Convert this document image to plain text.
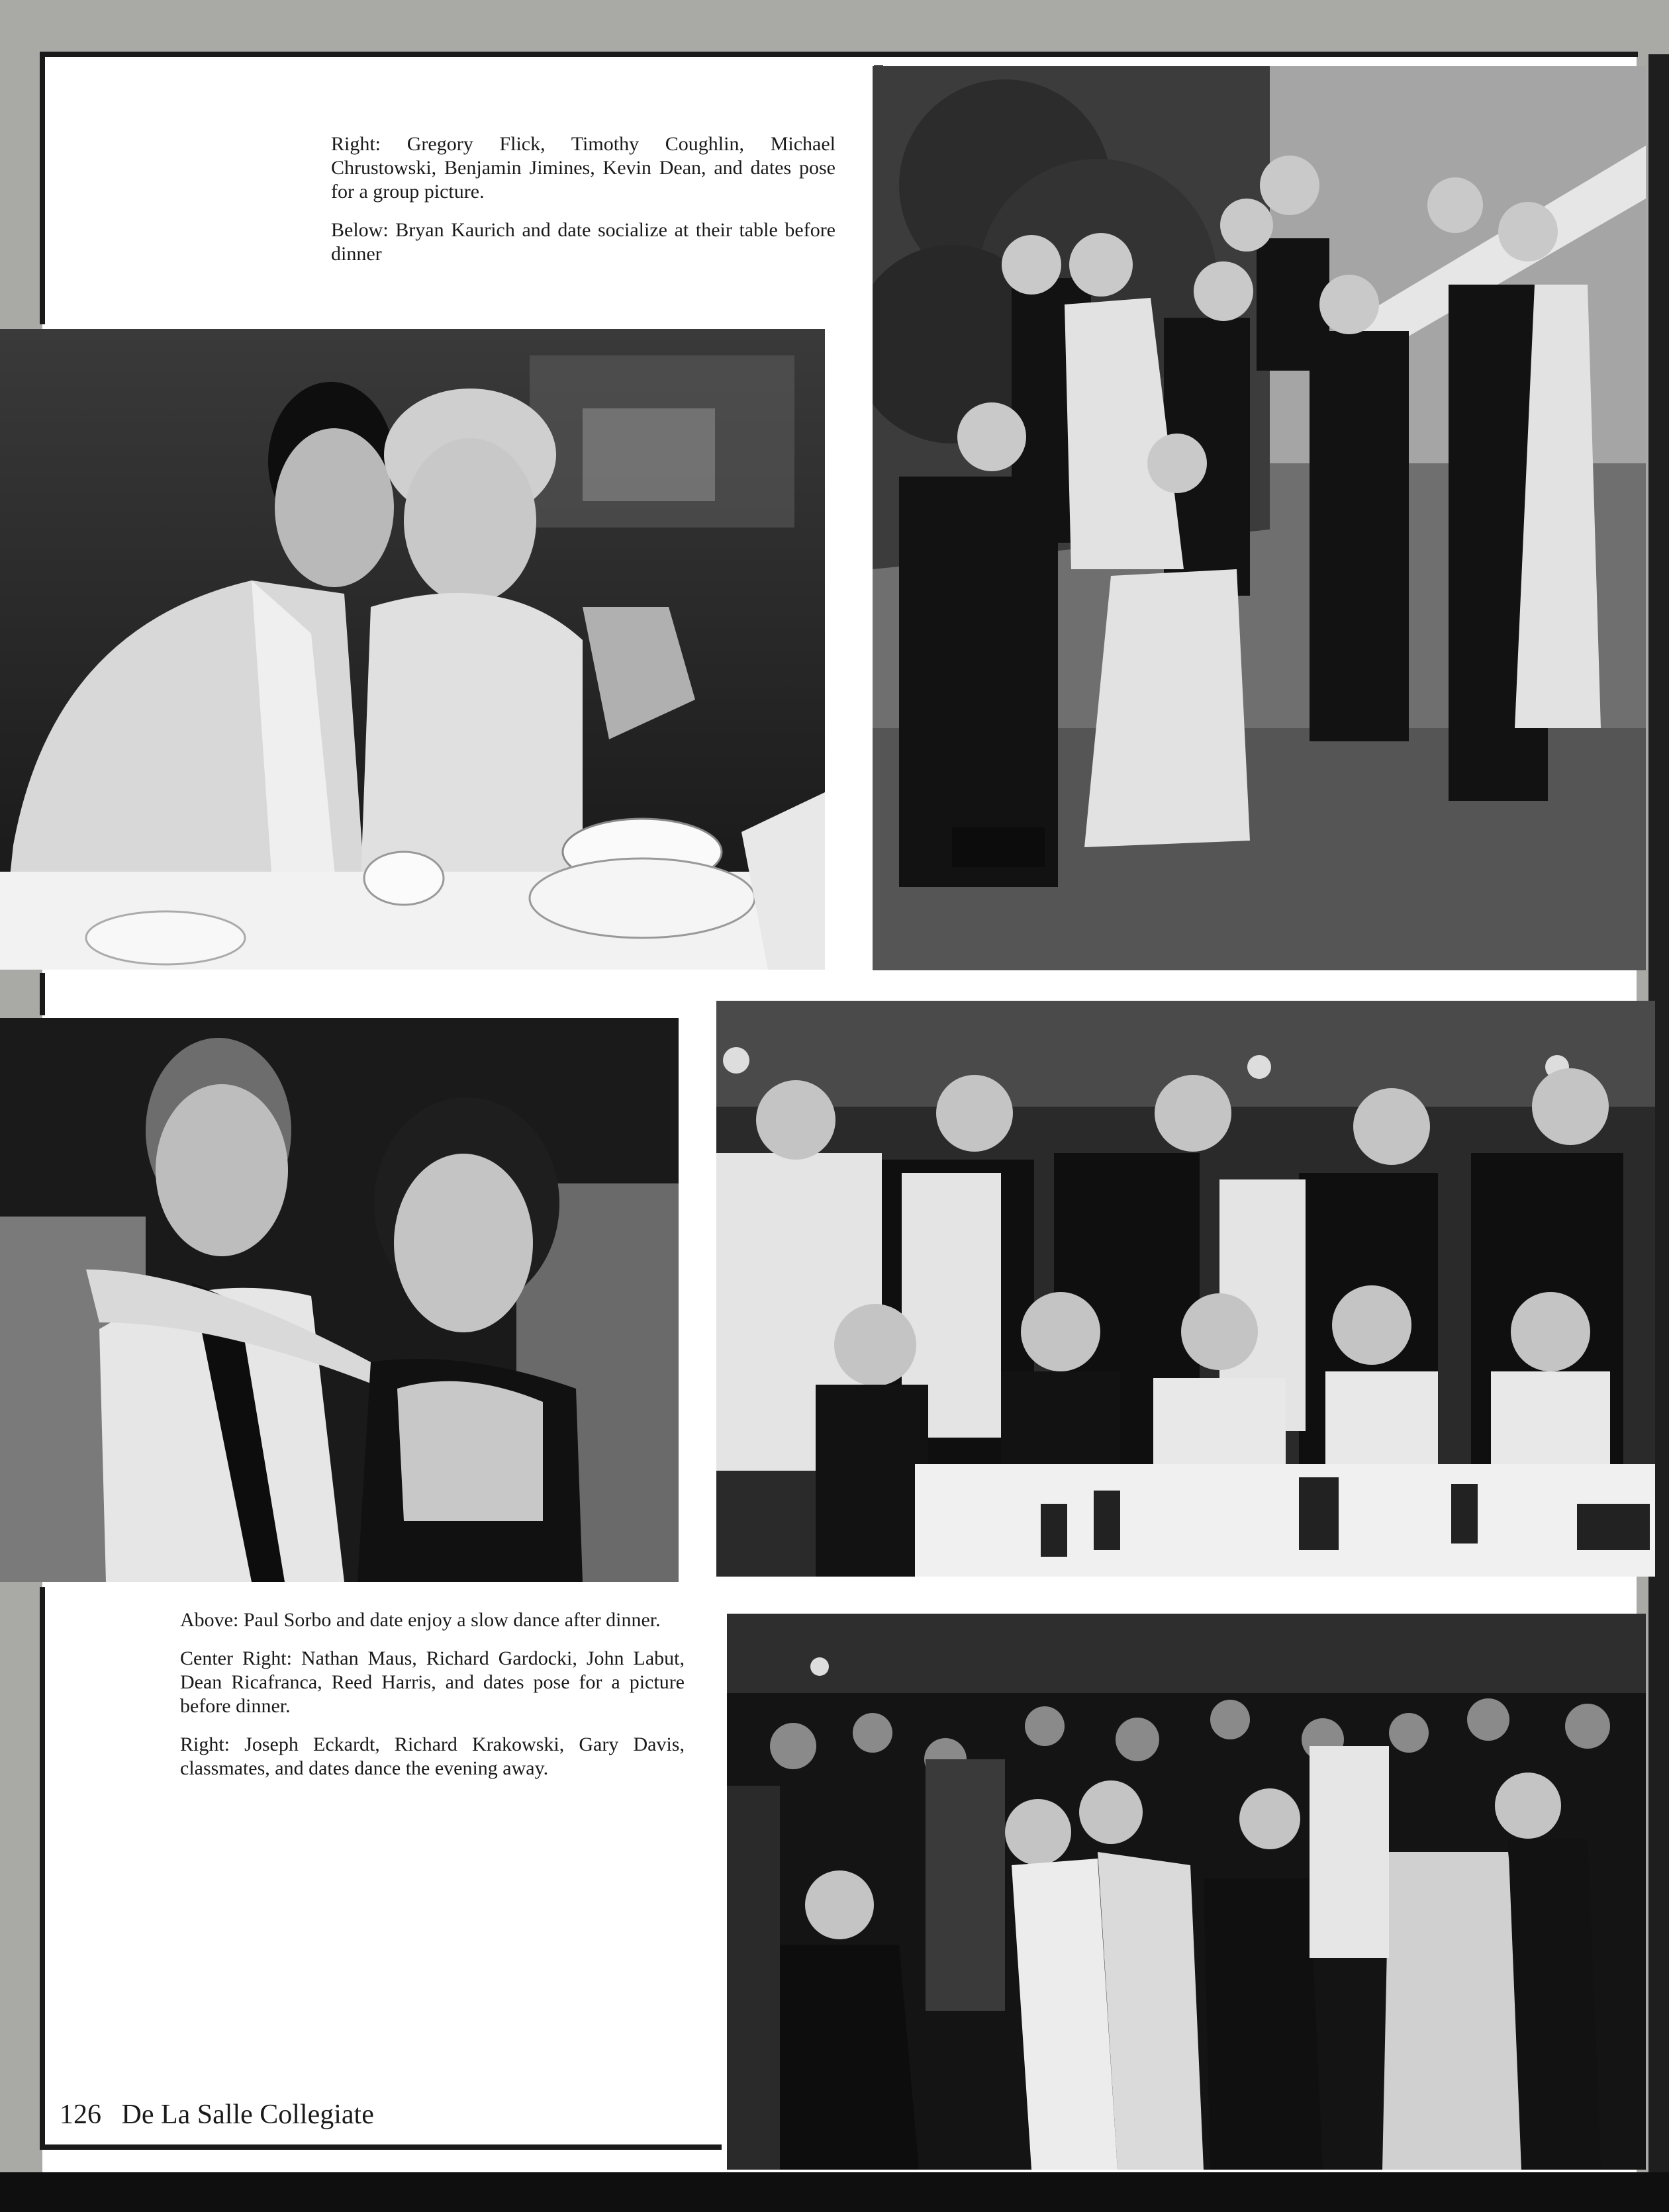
Right: Gregory Flick, Timothy Coughlin, Michael Chrustowski, Benjamin Jimines, Kevin Dean, and dates pose for a group picture.

Below: Bryan Kaurich and date socialize at their table before dinner

Above: Paul Sorbo and date enjoy a slow dance after dinner.

Center Right: Nathan Maus, Richard Gardocki, John Labut, Dean Ricafranca, Reed Harris, and dates pose for a picture before dinner.

Right: Joseph Eckardt, Richard Krakowski, Gary Davis, classmates, and dates dance the evening away.

126 De La Salle Collegiate
